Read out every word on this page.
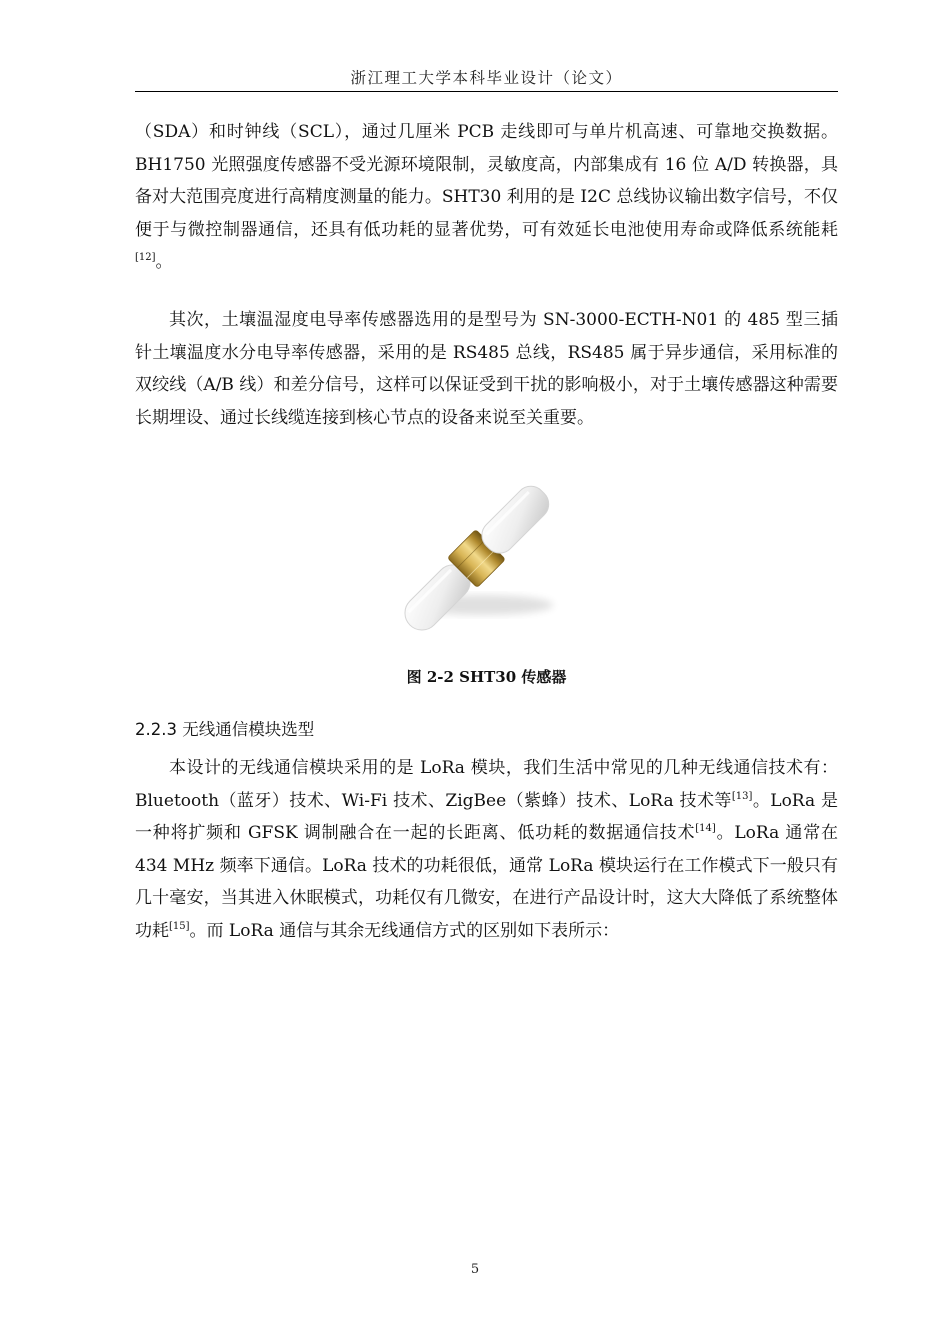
浙江理工大学本科毕业设计（论文）
（SDA）和时钟线（SCL），通过几厘米 PCB 走线即可与单片机高速、可靠地交换数据。BH1750 光照强度传感器不受光源环境限制，灵敏度高，内部集成有 16 位 A/D 转换器，具备对大范围亮度进行高精度测量的能力。SHT30 利用的是 I2C 总线协议输出数字信号，不仅便于与微控制器通信，还具有低功耗的显著优势，可有效延长电池使用寿命或降低系统能耗[12]。
其次，土壤温湿度电导率传感器选用的是型号为 SN-3000-ECTH-N01 的 485 型三插针土壤温度水分电导率传感器，采用的是 RS485 总线，RS485 属于异步通信，采用标准的双绞线（A/B 线）和差分信号，这样可以保证受到干扰的影响极小，对于土壤传感器这种需要长期埋设、通过长线缆连接到核心节点的设备来说至关重要。
图 2-2 SHT30 传感器
2.2.3 无线通信模块选型
本设计的无线通信模块采用的是 LoRa 模块，我们生活中常见的几种无线通信技术有：Bluetooth（蓝牙）技术、Wi-Fi 技术、ZigBee（紫蜂）技术、LoRa 技术等[13]。LoRa 是一种将扩频和 GFSK 调制融合在一起的长距离、低功耗的数据通信技术[14]。LoRa 通常在 434 MHz 频率下通信。LoRa 技术的功耗很低，通常 LoRa 模块运行在工作模式下一般只有几十毫安，当其进入休眠模式，功耗仅有几微安，在进行产品设计时，这大大降低了系统整体功耗[15]。而 LoRa 通信与其余无线通信方式的区别如下表所示：
5
